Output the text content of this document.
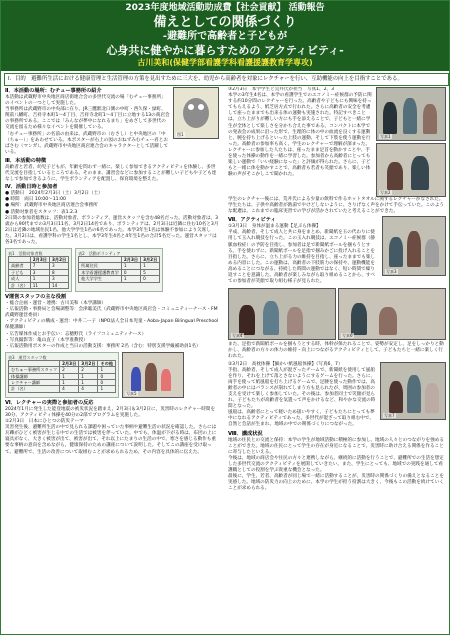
2023年度地域活動助成費【社会貢献】 活動報告
備えとしての関係づくり
-避難所で高齢者と子どもが
心身共に健やかに暮らすための アクティビティ-
古川美和(保健学部看護学科看護援護教育学専攻)
Ⅰ．目的　避難所生活における健康管理と生活管理の方策を見出すために三大を、幼児から高齢者を対象にレクチャーを行い、互助機能の向上を目指すことである。
Ⅱ．本活動の場所：むチュー事務所の紹介
本活動は武蔵野市中央地区商店街連合会の多世代交流の場「むチュー事務所」のイベントの一つとして実施した。
当事務所は武蔵野市の中央部に在り、JR三鷹駅北口側の中町・西久保・緑町、関前八幡町、吉祥寺本町1〜4丁目、吉祥寺北町1〜4丁目に立地する13の商店会の事務所である。ここでは「みんなが夢中になれるまち」をめざして多世代の交流を図るため様々なイベントを開催している。
「むチュー事務所」の名前の由来は、武蔵野市の（むさし）と中央地区の「中（ちゅー）」をあわせている。本ポスターが右上の図のおねずみむチュー君とおばさむ（マンガ）。武蔵野市中央地区商店連合会のキャラクターとして活躍している。
図1
Ⅲ．本活動の特徴
高齢者と若者、幼児子どもが、年齢を問わず一緒に、楽しく参加できるアクティビティを体験し、多世代交流を目指しているところである。そのまま、講習会などに参加することが難しい子どもや子ども達なしで参加できるように、学生ボランティアを配置し、保育環境を整えた。
Ⅳ．活動日時と参加者
● 活動日　2024年2月3日（土）3月2日（土）
● 時間　両日 10:00〜11:00
● 場所：武蔵野市中央地区商店連合会事務所
● 活動対象者をスタッフ：表1.2.3
2日間の参加者総数は、活動対象者、ボランティア、運営スタッフを含む48名だった。活動対象者は、3歳から90代までの3月3日11名、3月2日14名であり、ボランティアは、2月3日は近隣に住む10名と3月2日は近隣の地域住民1名、他大学学生1名の6名であった。本学3年生1名は体験不参加により欠席した。3月2日は、看護学科の学生1名とし、本学3年生4名と4年生1名の合計5名だった。運営スタッフは各3名であった。
表1　活動対象者数
	2月3日	3月2日
高齢者	7	3
子ども	3	8
成人	1	3
計（名）	11	14
表2　活動ボランティア
	2月3日	3月2日
所属住民	1	1
本学看護援護教育学	0	5
他大学学生	1	0
Ⅴ運営スタッフの主な役割
・総合企画・運営・連携：古川美和（本学講師）
・広報活動・事務局と会場調整等：会津聡美氏（武蔵野市中央地区商店会・コミュニティーナース・FM武蔵野運営委員）
・アクティビティの構成・運営：中井二ー子（NPO法人全日本児童・Aoba-Japan Bilingual Preschool 保健講師）
・広告媒体作成とお手伝い：志穂野氏（ライフコミュニティナース）
・写真撮影等：亀山直子（本学准教授）
・広報活動用ポスターの作成と当日の活動支援：事務所 2名（含む：特別支援学級補助員1名）
表3　運営スタッフ数
	2月3日	3月2日	その他
むちゅー事務所スタッフ	2	2	1
体操講師	1	1	0
レクチャー講師	1	1	0
計（名）	4	4	1
写真5
Ⅵ．レクチャーの実際と参加者の反応
2024年1月に発生した能登地震の被災状況を踏まえ、2月3日＆3月2日に，災害時のレクチャー時間を30分、アクティビティ体操を40分の2部でプログラムを実施した。
①2月3日　日本にひとつの防災テーマ
災害発生後、避難所生活の中で見られる課題や困っていた事柄や避難生活の状況を確認した。さらには瓦礫がひどく被害が生じる中での生活では被害を伴っていた。中でも、体温が下がる時は、布団の上に寝具がなく、大きく被害が出て、被害が出て、それ以上にたまりの生活の中で、寒さを感じる動作も重要な事柄の意向を含めながら、健康保持のための講座について説明した。そしてこの講座を受け取って、避難所で、生活の改善について取組むことが求められるため、その内容を具体的に伝えた。
③2月3日　本学学生と荒井氏が担当　写真1、2、3
本学の3年生4名は、本学の看護学生でのエコノミー症候群の予防に関する約10分間のレクチャーを行った。高齢者や子どもにも興味を持ってもらえるよう、紙芝居方式で行われた。さらに高齢者の安全を考慮して座ったままでも出来る体の運動も実施された。特記すべきことは、立ち上がりが難しい方にも手を添えることで、子どもと一緒に学生が全体として楽しさを分かち合えた事である。コンパクトに本学での発表会の成果に沿った形で、生理的に体の中の血流を良くする運動と、腕を持ち上げるといった上肢の運動、そして下肢を使う運動を行った。高齢者の参加率も高く、学生のレクチャーで理解が深まった。
レクチャーに参加した人たちは、座ったまま足首を動かすことや、手を使った体操の動作を一緒に学習した。参加者から高齢者にとっても楽しい運動で「いい経験になった」と評価が得られた。さらに、子どもと一緒に体を動かすことで、高齢者も若者も笑顔であり、楽しい体験の声がそこかしこで聞かれた。
写真1
写真2
学生のレクチャー後には、荒井氏による少量の飲料で作るホットタオルに関するレクチャーがなされた。学生たちは、子供や高齢者が熱湯でやけどしないように、さりげなく声をかけて手伝っていた。このような配慮は、これまでの臨床実習での学びが活かされていたと考えることができた。
Ⅶ．アクティビティ
①3月3日　身体が温まる運動【足ぶら体操】
平成、高齢者、そして成人と共に身をまとめ、新聞紙を玉の代わりに使用して玉入れ競技を行った。この玉入れ競技は、エコノミー症候群（静脈血栓症）の予防を目指し、参加者は足で新聞紙ボールを掴もうとする。手を使わずに、新聞紙ボールを足指で掴みかごに投げ入れることを目指した。さらに、立ち上がる力の維持を目指し、座ったままでも楽しめる内容にした。この運動は、高齢者の下肢筋力の保持や、運動機能を高めることにつながる、持続した時間の運動ではなく、短い時間で繰り返すことを意識した。高齢者が楽しみながら取り組めることから、すべての参加者が笑顔で取り組む様子が見られた。
写真3
写真4	写真6
また、足指で新聞紙ボールを掴もうとする時、体幹が保たれることで、姿勢が安定し、足をしっかりと動かし、高齢者の方々の体力の維持・向上につながるアクティビティとして、子どもたちと一緒に楽しく行われた。
②3月2日　高枕体操【細かい紙風船体操】（写真6，7）
手指、高齢者、そして成人が混ざったチームで、新聞紙を使用して風船を作り、それを上げて落とさないようにするゲームを行った。さらに、両手を使って紙風船を打ち上げるゲームで、足腰を使った動作では、高齢者の中にはバランスが崩れてしまう方も見られたが、周囲の参加者の支えを受けて楽しく参加していた。その後は、参加者同士で笑顔が見られ、子どもたちが高齢者を気遣って声をかけるなど、和やかな交流の時間となった。
風船は、高齢者にとって軽いため扱いやすく、子どもたちにとっても夢中になれるアクティビティであった。多世代が混ざって取り組む中で、自然と会話が生まれ、地域の中での関係づくりにつながった。
写真7
Ⅷ．講成状況
地域の住民との交流と保持：本学の学生が地域活動に積極的に参加し、地域の人々とのつながりを強めることができた。地域の住民にとって学生の存在が身近になることで、災害時に助け合える関係を作ることに寄与したといえる。
今後は、地域の商店会や住民の方々と連携しながら、継続的に活動を行うことで、避難所での生活を想定した多世代交流のアクティビティを展開していきたい。また、学生にとっても、地域での実践を通して看護職としての役割を学ぶ貴重な機会となった。
最後に、学生、若者、高齢者が同じ場で一緒に活動することが、災害時の関係づくりの備えとなることを実感した。地域の防災力の向上のために、本学の学生が担う役割は大きく、今後もこの活動を続けていくことが求められる。
